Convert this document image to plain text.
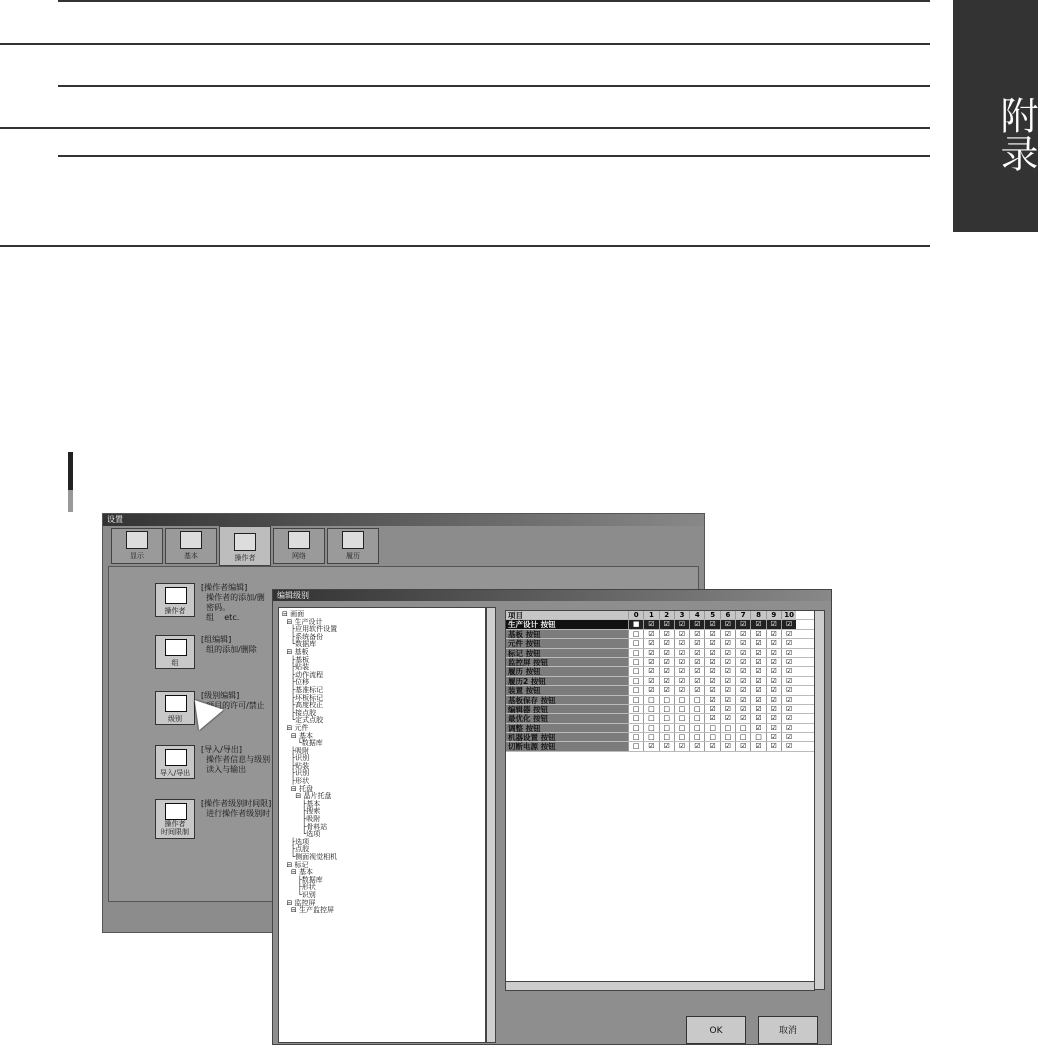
附录
设置
显示	基本	操作者	网络	履历
操作者
[操作者编辑]
操作者的添加/删
密码。
组    etc.
组
[组编辑]
组的添加/删除
级别
[级别编辑]
项目的许可/禁止
导入/导出
[导入/导出]
操作者信息与级别
读入与输出
操作者
时间限制
[操作者级别时间限]
进行操作者级别时
编辑级别
⊟ 画面
⊟ 生产设计
├应用软件设置
├系统备份
└数据库
⊟ 基板
├基板
├贴装
├动作流程
├位移
├基准标记
├坏板标记
├高度校正
├接点胶
└定式点胶
⊟ 元件
⊟ 基本
└数据库
├吸附
├识别
├贴装
├识别
├形状
⊟ 托盘
⊟ 晶片托盘
├基本
├搜索
├吸附
├骨料站
└选项
├选项
├点胶
└侧面视觉相机
⊟ 标记
⊟ 基本
├数据库
├形状
└识别
⊟ 监控屏
⊟ 生产监控屏
项目	0	1	2	3	4	5	6	7	8	9	10
生产设计 按钮	■	☑	☑	☑	☑	☑	☑	☑	☑	☑	☑
基板 按钮	□	☑	☑	☑	☑	☑	☑	☑	☑	☑	☑
元件 按钮	□	☑	☑	☑	☑	☑	☑	☑	☑	☑	☑
标记 按钮	□	☑	☑	☑	☑	☑	☑	☑	☑	☑	☑
监控屏 按钮	□	☑	☑	☑	☑	☑	☑	☑	☑	☑	☑
履历 按钮	□	☑	☑	☑	☑	☑	☑	☑	☑	☑	☑
履历2 按钮	□	☑	☑	☑	☑	☑	☑	☑	☑	☑	☑
装置 按钮	□	☑	☑	☑	☑	☑	☑	☑	☑	☑	☑
基板保存 按钮	□	□	□	□	□	☑	☑	☑	☑	☑	☑
编辑器 按钮	□	□	□	□	□	☑	☑	☑	☑	☑	☑
最优化 按钮	□	□	□	□	□	☑	☑	☑	☑	☑	☑
调整 按钮	□	□	□	□	□	□	□	□	☑	☑	☑
机器设置 按钮	□	□	□	□	□	□	□	□	□	☑	☑
切断电源 按钮	□	☑	☑	☑	☑	☑	☑	☑	☑	☑	☑
OK	取消
